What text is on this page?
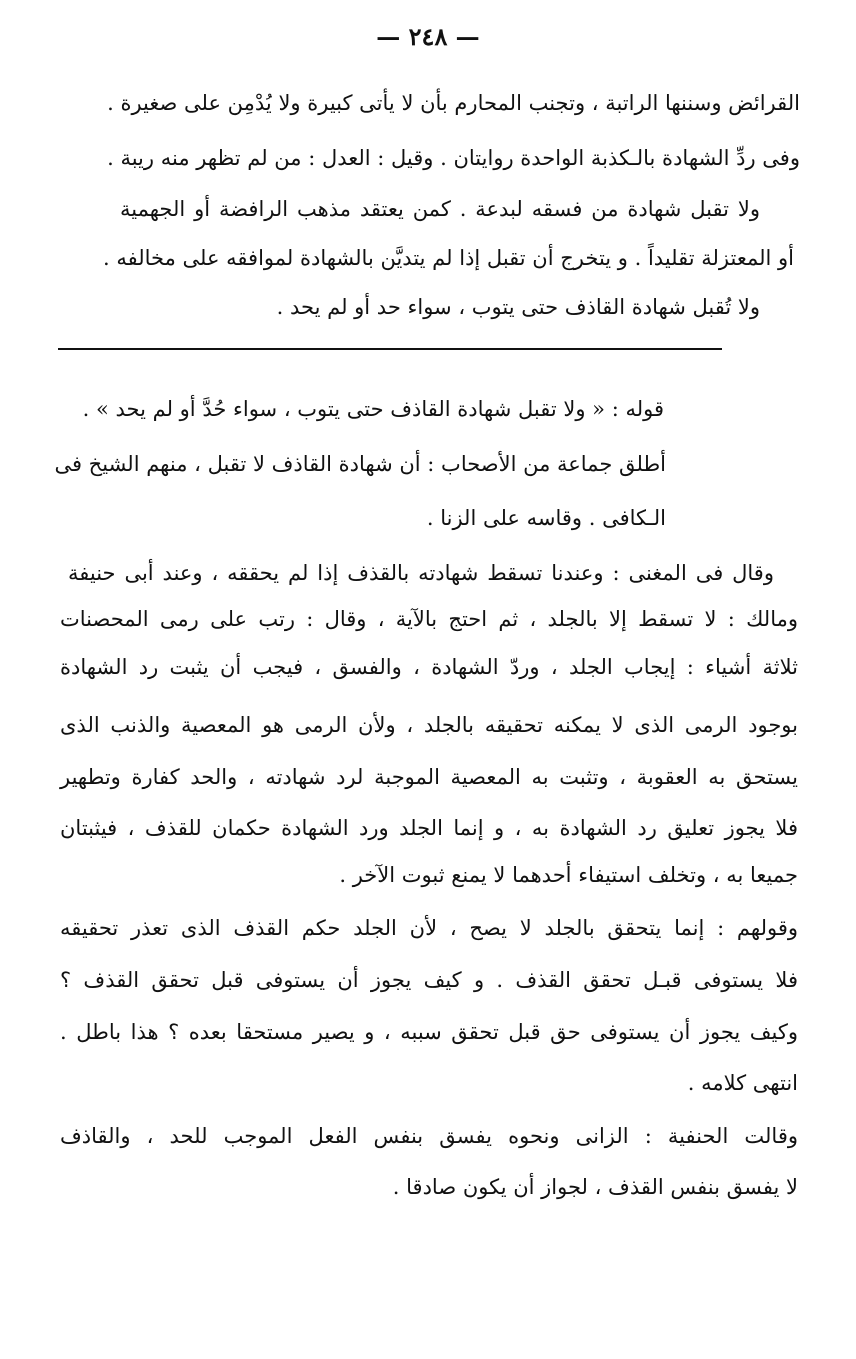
— ٢٤٨ —
القرائض وسننها الراتبة ، وتجنب المحارم بأن لا يأتى كبيرة ولا يُدْمِن على صغيرة .
وفى ردِّ الشهادة بالـكذبة الواحدة روايتان . وقيل : العدل : من لم تظهر منه ريبة .
ولا تقبل شهادة من فسقه لبدعة . كمن يعتقد مذهب الرافضة أو الجهمية
أو المعتزلة تقليداً . و يتخرج أن تقبل إذا لم يتديَّن بالشهادة لموافقه على مخالفه .
ولا تُقبل شهادة القاذف حتى يتوب ، سواء حد أو لم يحد .
قوله : « ولا تقبل شهادة القاذف حتى يتوب ، سواء حُدَّ أو لم يحد » .
أطلق جماعة من الأصحاب : أن شهادة القاذف لا تقبل ، منهم الشيخ فى
الـكافى . وقاسه على الزنا .
وقال فى المغنى : وعندنا تسقط شهادته بالقذف إذا لم يحققه ، وعند أبى حنيفة
ومالك : لا تسقط إلا بالجلد ، ثم احتج بالآية ، وقال : رتب على رمى المحصنات
ثلاثة أشياء : إيجاب الجلد ، وردّ الشهادة ، والفسق ، فيجب أن يثبت رد الشهادة
بوجود الرمى الذى لا يمكنه تحقيقه بالجلد ، ولأن الرمى هو المعصية والذنب الذى
يستحق به العقوبة ، وتثبت به المعصية الموجبة لرد شهادته ، والحد كفارة وتطهير
فلا يجوز تعليق رد الشهادة به ، و إنما الجلد ورد الشهادة حكمان للقذف ، فيثبتان
جميعا به ، وتخلف استيفاء أحدهما لا يمنع ثبوت الآخر .
وقولهم : إنما يتحقق بالجلد لا يصح ، لأن الجلد حكم القذف الذى تعذر تحقيقه
فلا يستوفى قبـل تحقق القذف . و كيف يجوز أن يستوفى قبل تحقق القذف ؟
وكيف يجوز أن يستوفى حق قبل تحقق سببه ، و يصير مستحقا بعده ؟ هذا باطل .
انتهى كلامه .
وقالت الحنفية : الزانى ونحوه يفسق بنفس الفعل الموجب للحد ، والقاذف
لا يفسق بنفس القذف ، لجواز أن يكون صادقا .
